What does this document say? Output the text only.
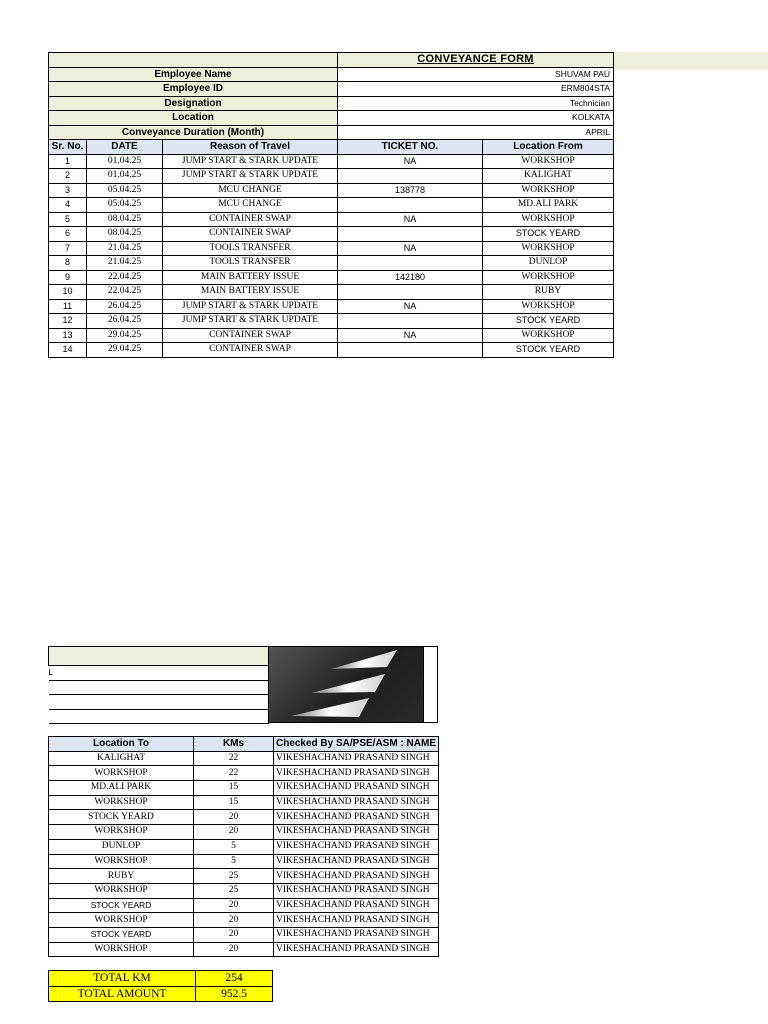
			CONVEYANCE FORM	
Employee Name			SHUVAM PAU	
Employee ID			ERM804STA	
Designation			Technician	
Location			KOLKATA	
Conveyance Duration (Month)			APRIL	
Sr. No.	DATE	Reason of Travel	TICKET NO.	Location From
1	01.04.25	JUMP START & STARK UPDATE	NA	WORKSHOP
2	01.04.25	JUMP START & STARK UPDATE		KALIGHAT
3	05.04.25	MCU CHANGE	138778	WORKSHOP
4	05.04.25	MCU CHANGE		MD.ALI PARK
5	08.04.25	CONTAINER SWAP	NA	WORKSHOP
6	08.04.25	CONTAINER SWAP		STOCK YEARD
7	21.04.25	TOOLS TRANSFER	NA	WORKSHOP
8	21.04.25	TOOLS TRANSFER		DUNLOP
9	22.04.25	MAIN BATTERY ISSUE	142180	WORKSHOP
10	22.04.25	MAIN BATTERY ISSUE		RUBY
11	26.04.25	JUMP START & STARK UPDATE	NA	WORKSHOP
12	26.04.25	JUMP START & STARK UPDATE		STOCK YEARD
13	29.04.25	CONTAINER SWAP	NA	WORKSHOP
14	29.04.25	CONTAINER SWAP		STOCK YEARD

L

Location To	KMs	Checked By SA/PSE/ASM : NAME
KALIGHAT	22	VIKESHACHAND PRASAND SINGH
WORKSHOP	22	VIKESHACHAND PRASAND SINGH
MD.ALI PARK	15	VIKESHACHAND PRASAND SINGH
WORKSHOP	15	VIKESHACHAND PRASAND SINGH
STOCK YEARD	20	VIKESHACHAND PRASAND SINGH
WORKSHOP	20	VIKESHACHAND PRASAND SINGH
DUNLOP	5	VIKESHACHAND PRASAND SINGH
WORKSHOP	5	VIKESHACHAND PRASAND SINGH
RUBY	25	VIKESHACHAND PRASAND SINGH
WORKSHOP	25	VIKESHACHAND PRASAND SINGH
STOCK YEARD	20	VIKESHACHAND PRASAND SINGH
WORKSHOP	20	VIKESHACHAND PRASAND SINGH
STOCK YEARD	20	VIKESHACHAND PRASAND SINGH
WORKSHOP	20	VIKESHACHAND PRASAND SINGH
TOTAL KM	254
TOTAL AMOUNT	952.5
